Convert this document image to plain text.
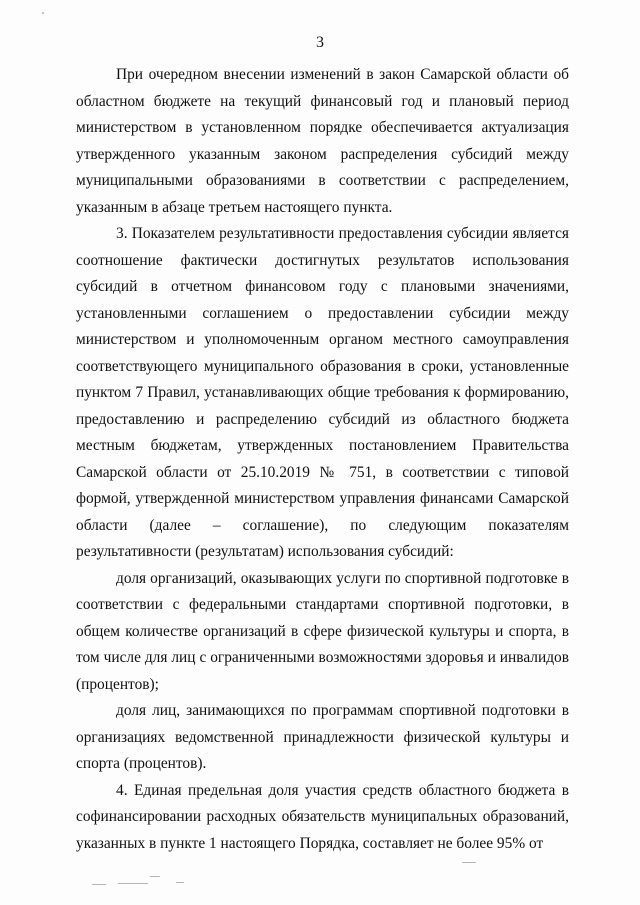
3

При очередном внесении изменений в закон Самарской области об областном бюджете на текущий финансовый год и плановый период министерством в установленном порядке обеспечивается актуализация утвержденного указанным законом распределения субсидий между муниципальными образованиями в соответствии с распределением, указанным в абзаце третьем настоящего пункта.

3. Показателем результативности предоставления субсидии является соотношение фактически достигнутых результатов использования субсидий в отчетном финансовом году с плановыми значениями, установленными соглашением о предоставлении субсидии между министерством и уполномоченным органом местного самоуправления соответствующего муниципального образования в сроки, установленные пунктом 7 Правил, устанавливающих общие требования к формированию, предоставлению и распределению субсидий из областного бюджета местным бюджетам, утвержденных постановлением Правительства Самарской области от 25.10.2019 № 751, в соответствии с типовой формой, утвержденной министерством управления финансами Самарской области (далее – соглашение), по следующим показателям результативности (результатам) использования субсидий:

доля организаций, оказывающих услуги по спортивной подготовке в соответствии с федеральными стандартами спортивной подготовки, в общем количестве организаций в сфере физической культуры и спорта, в том числе для лиц с ограниченными возможностями здоровья и инвалидов (процентов);

доля лиц, занимающихся по программам спортивной подготовки в организациях ведомственной принадлежности физической культуры и спорта (процентов).

4. Единая предельная доля участия средств областного бюджета в софинансировании расходных обязательств муниципальных образований, указанных в пункте 1 настоящего Порядка, составляет не более 95% от
